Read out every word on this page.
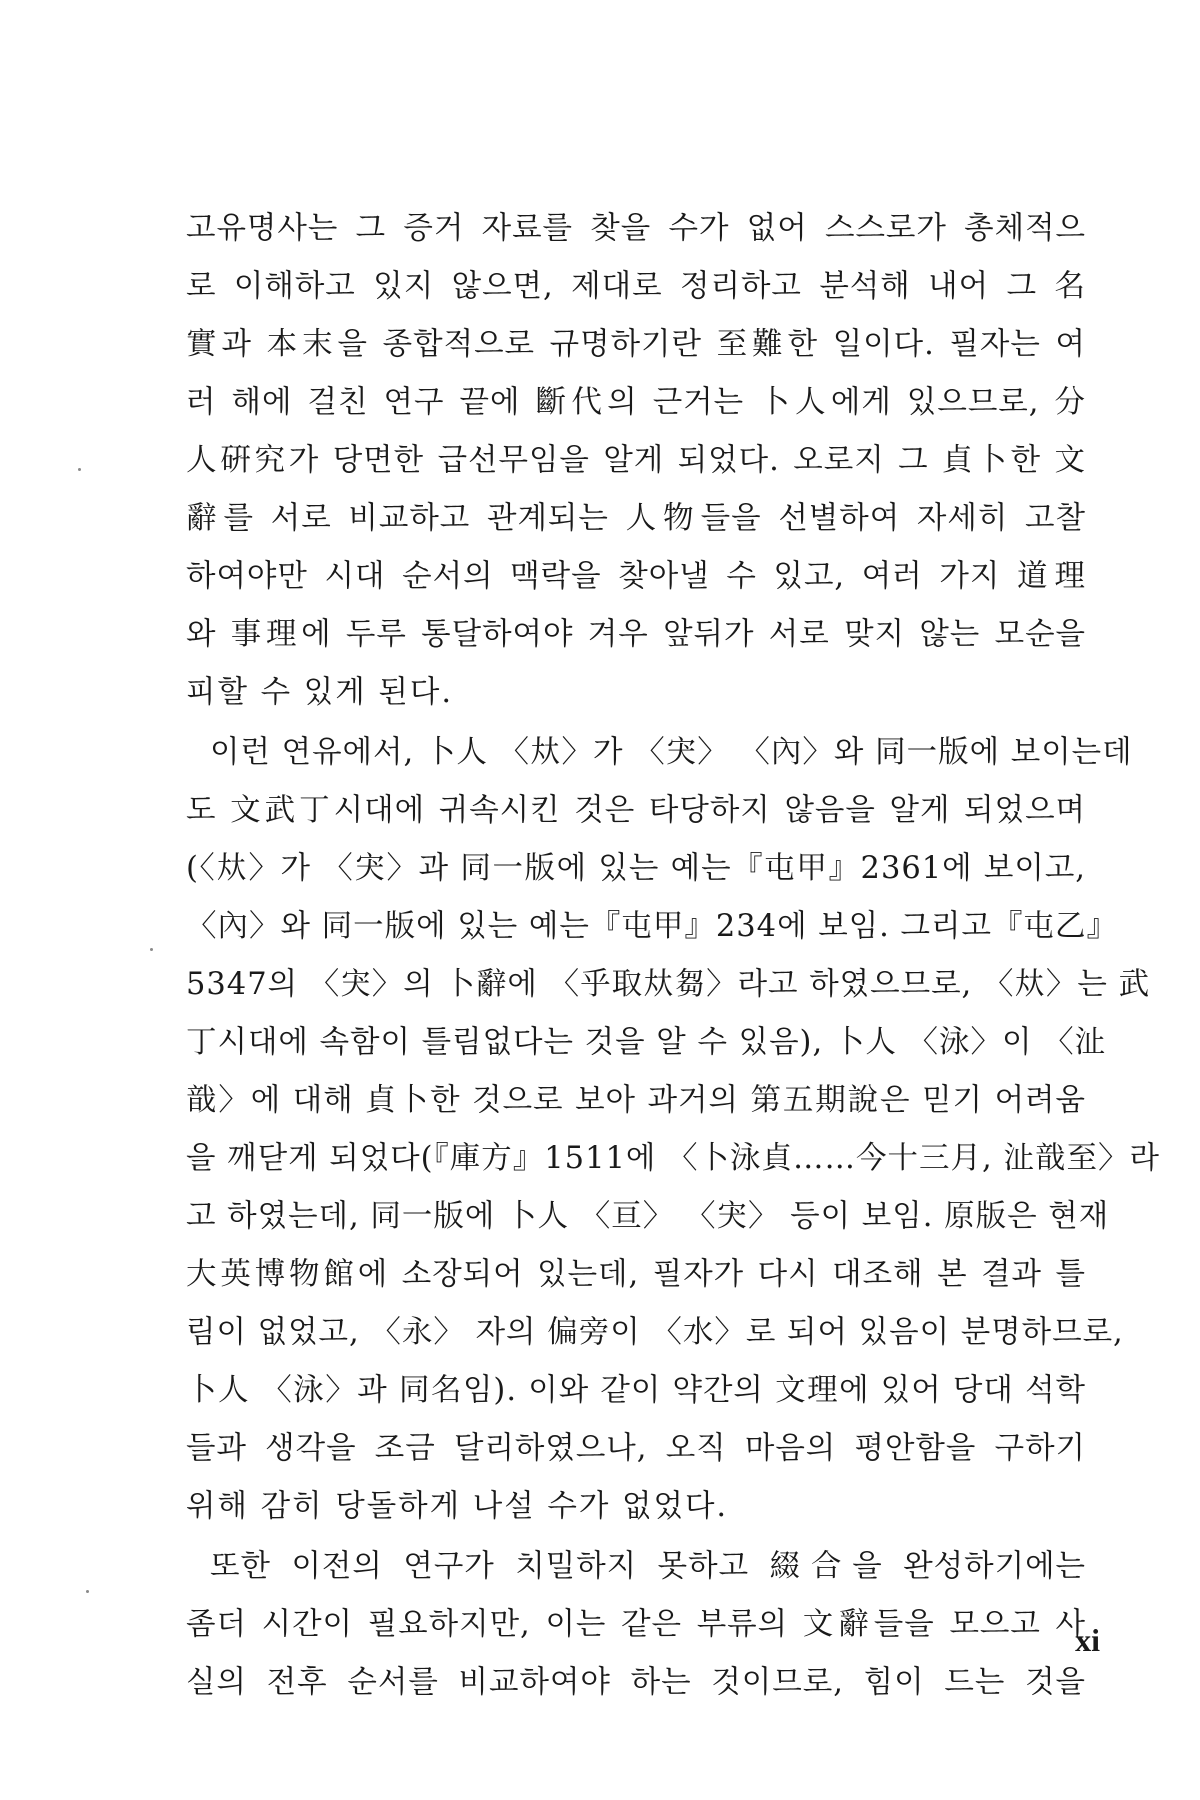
고유명사는 그 증거 자료를 찾을 수가 없어 스스로가 총체적으
로 이해하고 있지 않으면, 제대로 정리하고 분석해 내어 그 名
實과 本末을 종합적으로 규명하기란 至難한 일이다. 필자는 여
러 해에 걸친 연구 끝에 斷代의 근거는 卜人에게 있으므로, 分
人硏究가 당면한 급선무임을 알게 되었다. 오로지 그 貞卜한 文
辭를 서로 비교하고 관계되는 人物들을 선별하여 자세히 고찰
하여야만 시대 순서의 맥락을 찾아낼 수 있고, 여러 가지 道理
와 事理에 두루 통달하여야 겨우 앞뒤가 서로 맞지 않는 모순을
피할 수 있게 된다.
이런 연유에서, 卜人 〈夶〉가 〈宊〉 〈內〉와 同一版에 보이는데
도 文武丁시대에 귀속시킨 것은 타당하지 않음을 알게 되었으며
(〈夶〉가 〈宊〉과 同一版에 있는 예는『屯甲』2361에 보이고,
〈內〉와 同一版에 있는 예는『屯甲』234에 보임. 그리고『屯乙』
5347의 〈宊〉의 卜辭에 〈乎取夶芻〉라고 하였으므로, 〈夶〉는 武
丁시대에 속함이 틀림없다는 것을 알 수 있음), 卜人 〈泳〉이 〈沚
戠〉에 대해 貞卜한 것으로 보아 과거의 第五期說은 믿기 어려움
을 깨닫게 되었다(『庫方』1511에 〈卜泳貞……今十三月, 沚戠至〉라
고 하였는데, 同一版에 卜人 〈亘〉 〈宊〉 등이 보임. 原版은 현재
大英博物館에 소장되어 있는데, 필자가 다시 대조해 본 결과 틀
림이 없었고, 〈永〉 자의 偏旁이 〈水〉로 되어 있음이 분명하므로,
卜人 〈泳〉과 同名임). 이와 같이 약간의 文理에 있어 당대 석학
들과 생각을 조금 달리하였으나, 오직 마음의 평안함을 구하기
위해 감히 당돌하게 나설 수가 없었다.
또한 이전의 연구가 치밀하지 못하고 綴合을 완성하기에는
좀더 시간이 필요하지만, 이는 같은 부류의 文辭들을 모으고 사
실의 전후 순서를 비교하여야 하는 것이므로, 힘이 드는 것을
xi
